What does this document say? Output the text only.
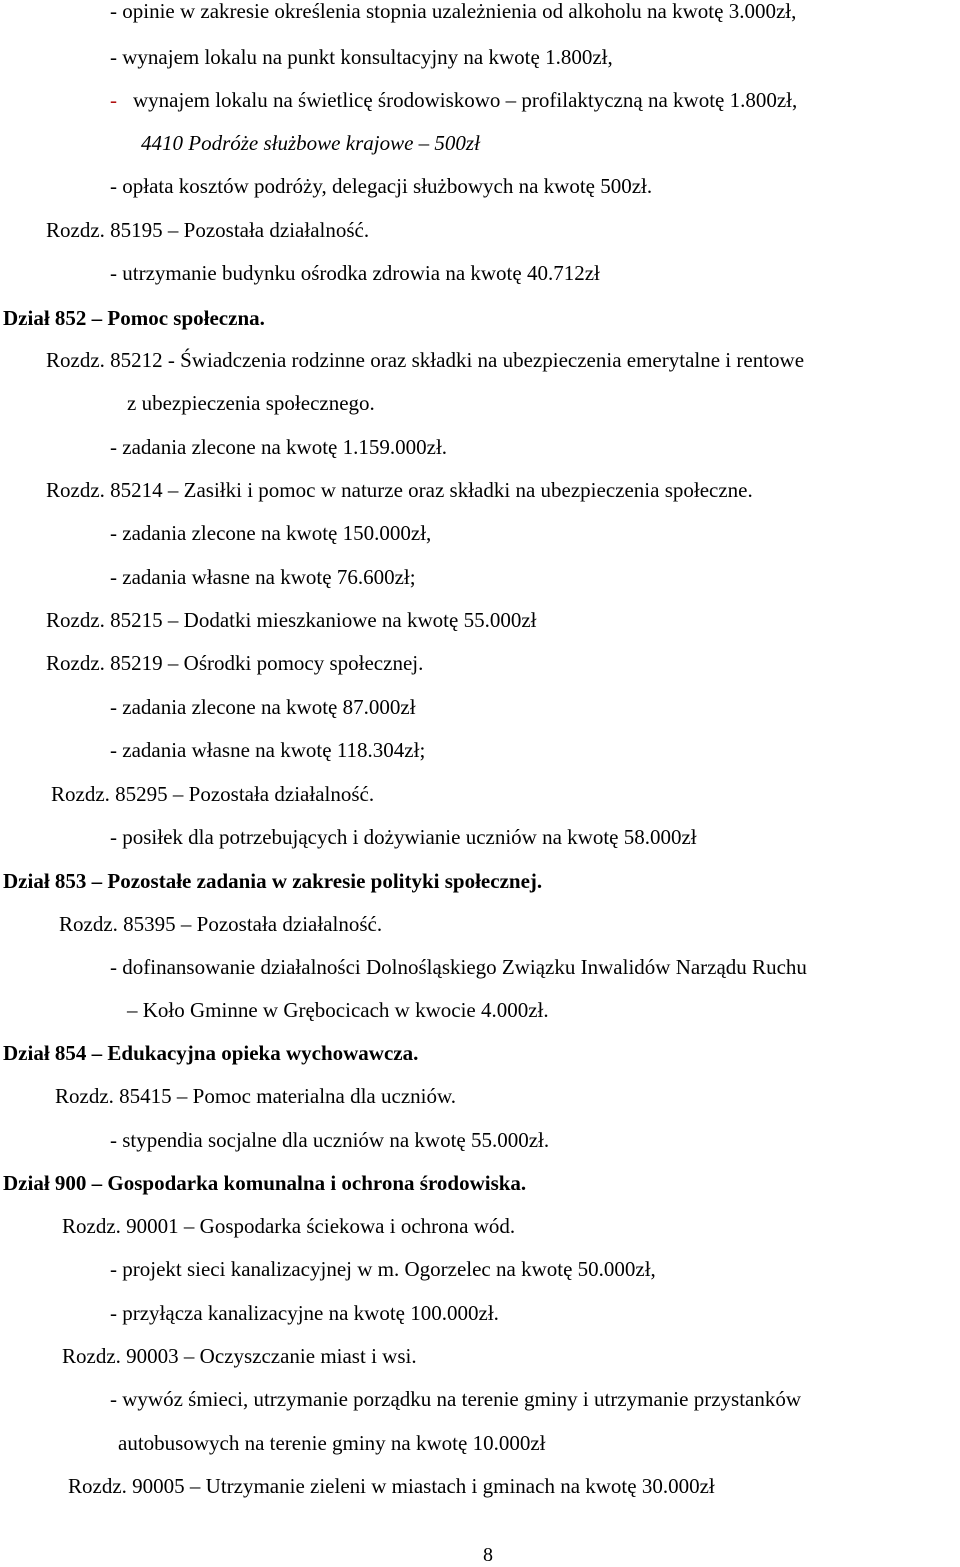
- opinie w zakresie określenia stopnia uzależnienia od alkoholu na kwotę 3.000zł,
- wynajem lokalu na punkt konsultacyjny na kwotę 1.800zł,
- wynajem lokalu na świetlicę środowiskowo – profilaktyczną na kwotę 1.800zł,
4410 Podróże służbowe krajowe – 500zł
- opłata kosztów podróży, delegacji służbowych na kwotę 500zł.
Rozdz. 85195 – Pozostała działalność.
- utrzymanie budynku ośrodka zdrowia na kwotę 40.712zł
Dział 852 – Pomoc społeczna.
Rozdz. 85212 - Świadczenia rodzinne oraz składki na ubezpieczenia emerytalne i rentowe
z ubezpieczenia społecznego.
- zadania zlecone na kwotę 1.159.000zł.
Rozdz. 85214 – Zasiłki i pomoc w naturze oraz składki na ubezpieczenia społeczne.
- zadania zlecone na kwotę 150.000zł,
- zadania własne na kwotę 76.600zł;
Rozdz. 85215 – Dodatki mieszkaniowe na kwotę 55.000zł
Rozdz. 85219 – Ośrodki pomocy społecznej.
- zadania zlecone na kwotę 87.000zł
- zadania własne na kwotę 118.304zł;
Rozdz. 85295 – Pozostała działalność.
- posiłek dla potrzebujących i dożywianie uczniów na kwotę 58.000zł
Dział 853 – Pozostałe zadania w zakresie polityki społecznej.
Rozdz. 85395 – Pozostała działalność.
- dofinansowanie działalności Dolnośląskiego Związku Inwalidów Narządu Ruchu
– Koło Gminne w Grębocicach w kwocie 4.000zł.
Dział 854 – Edukacyjna opieka wychowawcza.
Rozdz. 85415 – Pomoc materialna dla uczniów.
- stypendia socjalne dla uczniów na kwotę 55.000zł.
Dział 900 – Gospodarka komunalna i ochrona środowiska.
Rozdz. 90001 – Gospodarka ściekowa i ochrona wód.
- projekt sieci kanalizacyjnej w m. Ogorzelec na kwotę 50.000zł,
- przyłącza kanalizacyjne na kwotę 100.000zł.
Rozdz. 90003 – Oczyszczanie miast i wsi.
- wywóz śmieci, utrzymanie porządku na terenie gminy i utrzymanie przystanków
autobusowych na terenie gminy na kwotę 10.000zł
Rozdz. 90005 – Utrzymanie zieleni w miastach i gminach na kwotę 30.000zł
8
